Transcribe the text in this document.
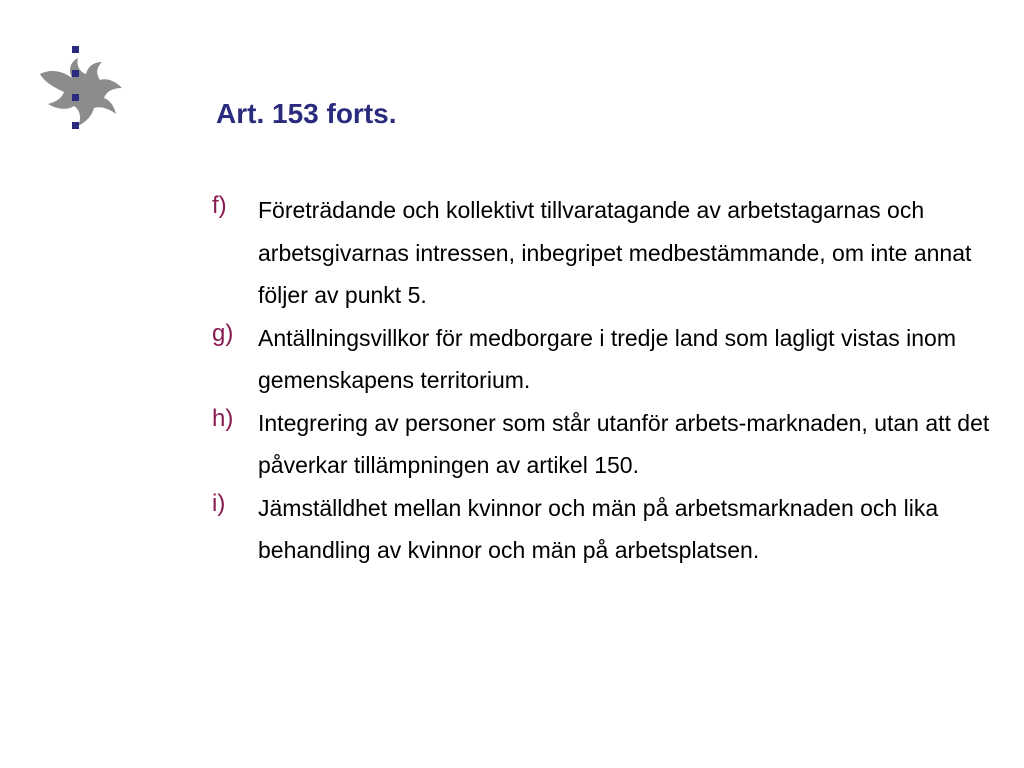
Art. 153 forts.
f) Företrädande och kollektivt tillvaratagande av arbetstagarnas och arbetsgivarnas intressen, inbegripet medbestämmande, om inte annat följer av punkt 5.
g) Antällningsvillkor för medborgare i tredje land som lagligt vistas inom gemenskapens territorium.
h) Integrering av personer som står utanför arbets-marknaden, utan att det påverkar tillämpningen av artikel 150.
i) Jämställdhet mellan kvinnor och män på arbetsmarknaden och lika behandling av kvinnor och män på arbetsplatsen.
